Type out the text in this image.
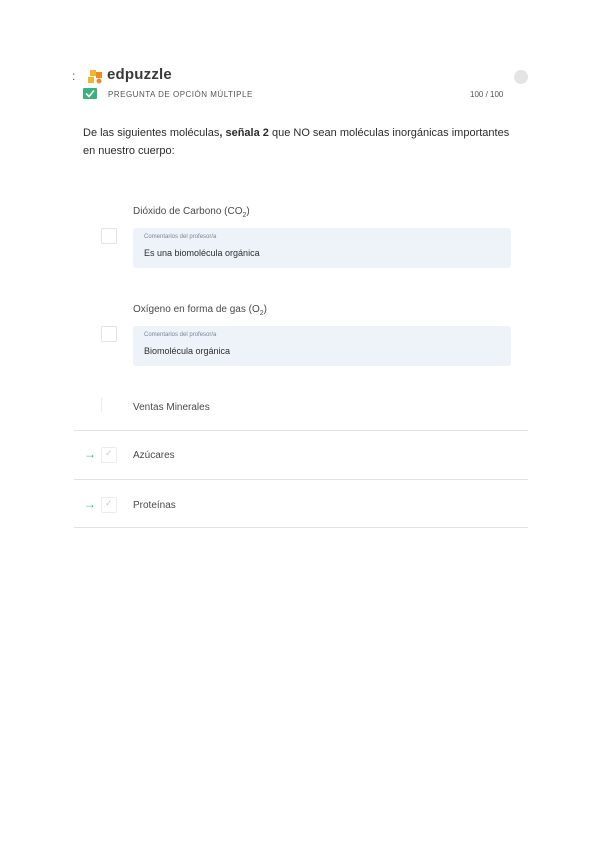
: edpuzzle
PREGUNTA DE OPCIÓN MÚLTIPLE	100 / 100
De las siguientes moléculas, señala 2 que NO sean moléculas inorgánicas importantes en nuestro cuerpo:
Dióxido de Carbono $(CO_2)$
Comentarios del profesor/a
Es una biomolécula orgánica
Oxígeno en forma de gas $(O_2)$
Comentarios del profesor/a
Biomolécula orgánica
Ventas Minerales
→ ✓ Azúcares
→ ✓ Proteínas
